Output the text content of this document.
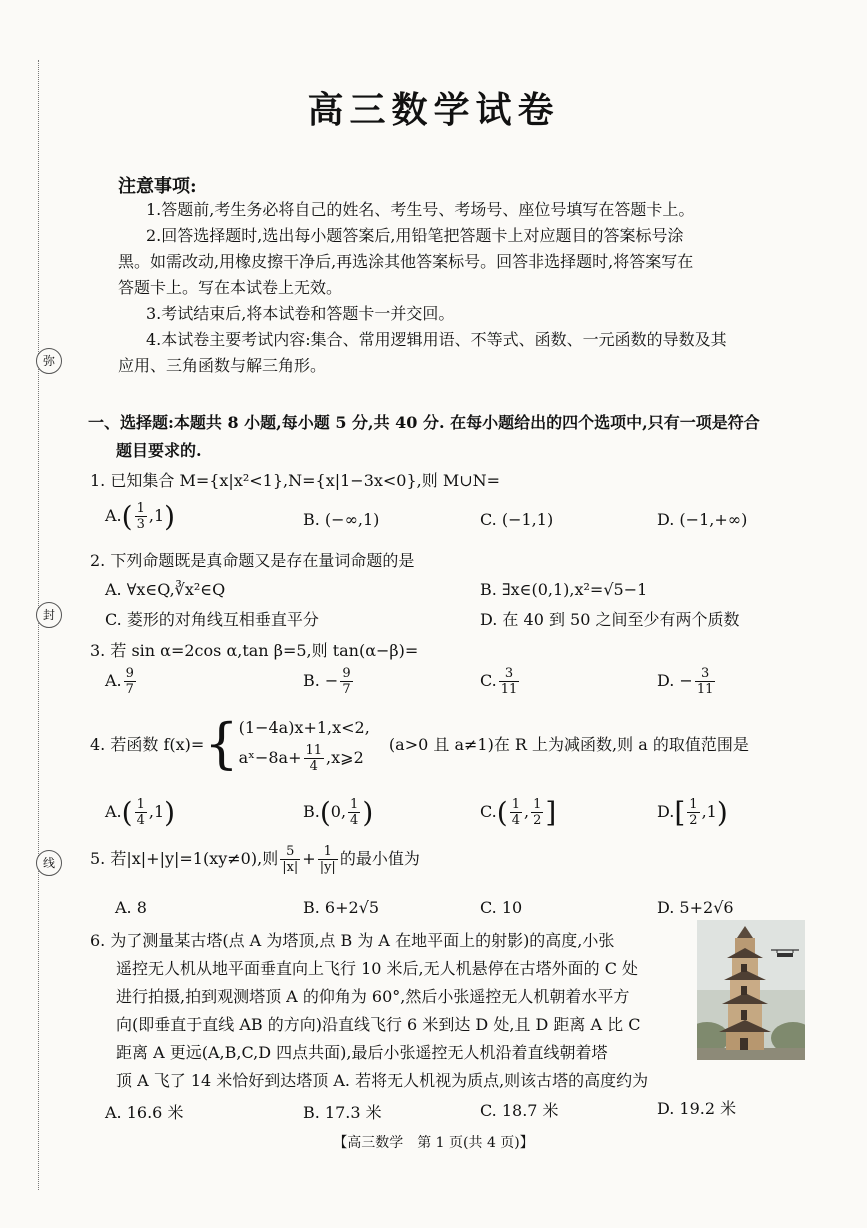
弥
封
线
高三数学试卷
注意事项:
1.答题前,考生务必将自己的姓名、考生号、考场号、座位号填写在答题卡上。
2.回答选择题时,选出每小题答案后,用铅笔把答题卡上对应题目的答案标号涂
黑。如需改动,用橡皮擦干净后,再选涂其他答案标号。回答非选择题时,将答案写在
答题卡上。写在本试卷上无效。
3.考试结束后,将本试卷和答题卡一并交回。
4.本试卷主要考试内容:集合、常用逻辑用语、不等式、函数、一元函数的导数及其
应用、三角函数与解三角形。
一、选择题:本题共 8 小题,每小题 5 分,共 40 分. 在每小题给出的四个选项中,只有一项是符合
题目要求的.
1. 已知集合 M={x|x²<1},N={x|1−3x<0},则 M∪N=
$A.( \frac{1}{3} ,1)$	B. (−∞,1)	C. (−1,1)	D. (−1,+∞)
2. 下列命题既是真命题又是存在量词命题的是
A. ∀x∈Q,∛x²∈Q	B. ∃x∈(0,1),x²=√5−1
C. 菱形的对角线互相垂直平分	D. 在 40 到 50 之间至少有两个质数
3. 若 sin α=2cos α,tan β=5,则 tan(α−β)=
A. $\frac{9}{7}$	B. − $\frac{9}{7}$	C. $\frac{3}{11}$	D. − $\frac{3}{11}$
4. 若函数 f(x)={ (1−4a)x+1,x<2,
aˣ−8a+ $\frac{11}{4}$ ,x⩾2
(a>0 且 a≠1)在 R 上为减函数,则 a 的取值范围是
$A.( \frac{1}{4} ,1)$	B.(0, $\frac{1}{4}$ )	$C.( \frac{1}{4}$ , $\frac{1}{2}$ ]	$D.[ \frac{1}{2} ,1)$
5. 若|x|+|y|=1(xy≠0),则 $\frac{5}{|x|} + \frac{1}{|y|}$ 的最小值为
A. 8	B. 6+2√5	C. 10	D. 5+2√6
6. 为了测量某古塔(点 A 为塔顶,点 B 为 A 在地平面上的射影)的高度,小张
遥控无人机从地平面垂直向上飞行 10 米后,无人机悬停在古塔外面的 C 处
进行拍摄,拍到观测塔顶 A 的仰角为 60°,然后小张遥控无人机朝着水平方
向(即垂直于直线 AB 的方向)沿直线飞行 6 米到达 D 处,且 D 距离 A 比 C
距离 A 更远(A,B,C,D 四点共面),最后小张遥控无人机沿着直线朝着塔
顶 A 飞了 14 米恰好到达塔顶 A. 若将无人机视为质点,则该古塔的高度约为
A. 16.6 米	B. 17.3 米	C. 18.7 米	D. 19.2 米
【高三数学　第 1 页(共 4 页)】
